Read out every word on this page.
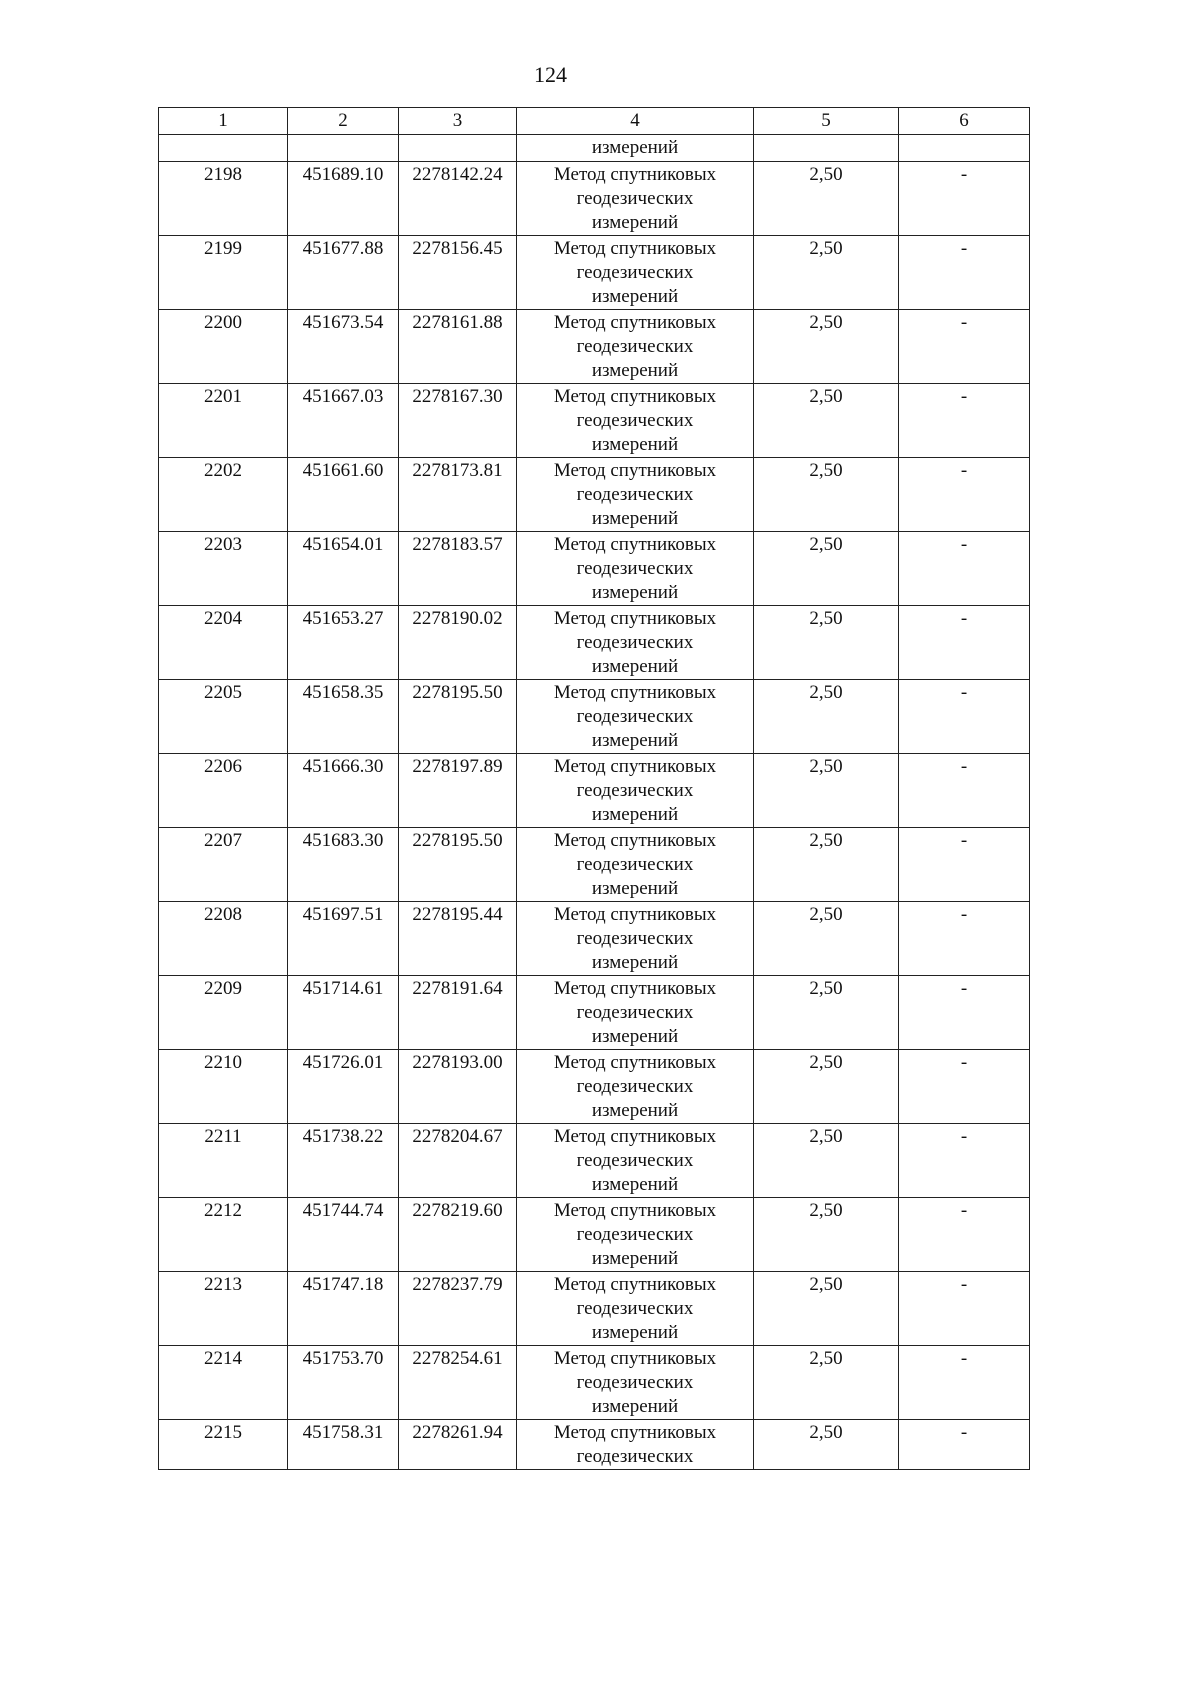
124
1	2	3	4	5	6

			измерений		

2198	451689.10	2278142.24	Метод спутниковых
геодезических
измерений	2,50	-
2199	451677.88	2278156.45	Метод спутниковых
геодезических
измерений	2,50	-
2200	451673.54	2278161.88	Метод спутниковых
геодезических
измерений	2,50	-
2201	451667.03	2278167.30	Метод спутниковых
геодезических
измерений	2,50	-
2202	451661.60	2278173.81	Метод спутниковых
геодезических
измерений	2,50	-
2203	451654.01	2278183.57	Метод спутниковых
геодезических
измерений	2,50	-
2204	451653.27	2278190.02	Метод спутниковых
геодезических
измерений	2,50	-
2205	451658.35	2278195.50	Метод спутниковых
геодезических
измерений	2,50	-
2206	451666.30	2278197.89	Метод спутниковых
геодезических
измерений	2,50	-
2207	451683.30	2278195.50	Метод спутниковых
геодезических
измерений	2,50	-
2208	451697.51	2278195.44	Метод спутниковых
геодезических
измерений	2,50	-
2209	451714.61	2278191.64	Метод спутниковых
геодезических
измерений	2,50	-
2210	451726.01	2278193.00	Метод спутниковых
геодезических
измерений	2,50	-
2211	451738.22	2278204.67	Метод спутниковых
геодезических
измерений	2,50	-
2212	451744.74	2278219.60	Метод спутниковых
геодезических
измерений	2,50	-
2213	451747.18	2278237.79	Метод спутниковых
геодезических
измерений	2,50	-
2214	451753.70	2278254.61	Метод спутниковых
геодезических
измерений	2,50	-
2215	451758.31	2278261.94	Метод спутниковых
геодезических	2,50	-
